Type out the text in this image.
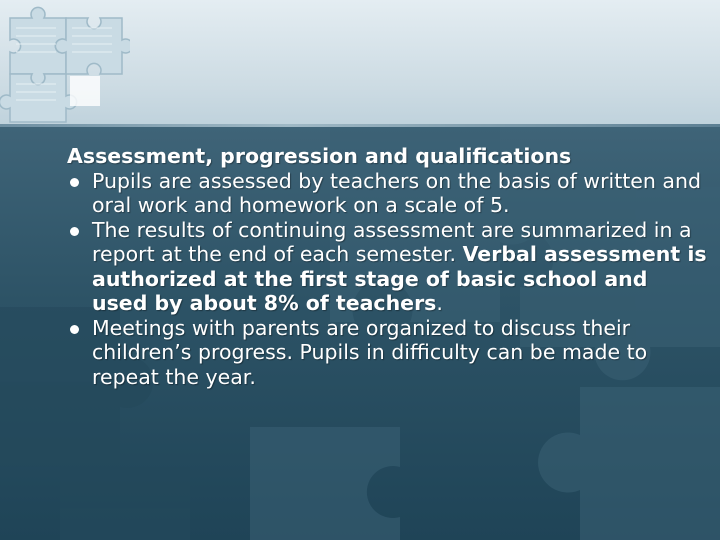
Assessment, progression and qualifications

Pupils are assessed by teachers on the basis of written and oral work and homework on a scale of 5.
The results of continuing assessment are summarized in a report at the end of each semester. Verbal assessment is authorized at the first stage of basic school and used by about 8% of teachers.
Meetings with parents are organized to discuss their children’s progress. Pupils in difficulty can be made to repeat the year.
